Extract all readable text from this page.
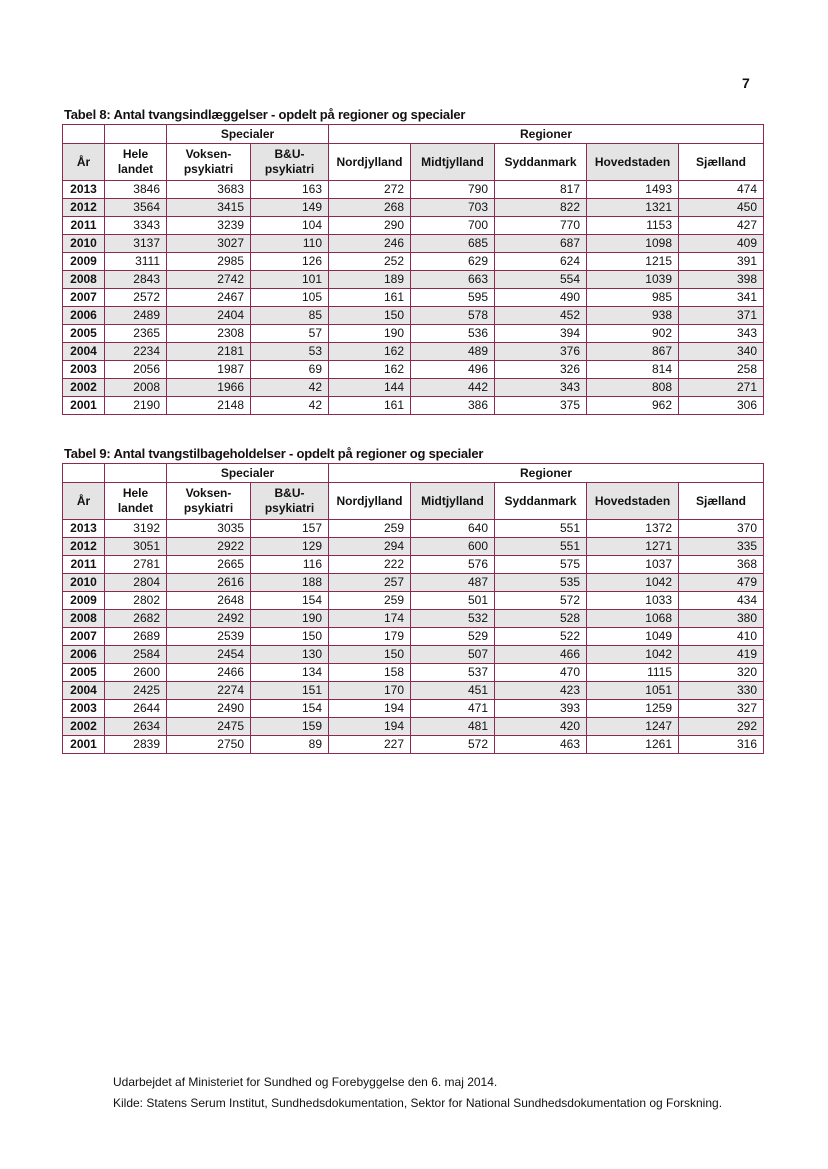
7
Tabel 8: Antal tvangsindlæggelser - opdelt på regioner og specialer
		Specialer		Regioner				
År	Hele landet	Voksen-psykiatri	B&U-psykiatri	Nordjylland	Midtjylland	Syddanmark	Hovedstaden	Sjælland
2013	3846	3683	163	272	790	817	1493	474
2012	3564	3415	149	268	703	822	1321	450
2011	3343	3239	104	290	700	770	1153	427
2010	3137	3027	110	246	685	687	1098	409
2009	3111	2985	126	252	629	624	1215	391
2008	2843	2742	101	189	663	554	1039	398
2007	2572	2467	105	161	595	490	985	341
2006	2489	2404	85	150	578	452	938	371
2005	2365	2308	57	190	536	394	902	343
2004	2234	2181	53	162	489	376	867	340
2003	2056	1987	69	162	496	326	814	258
2002	2008	1966	42	144	442	343	808	271
2001	2190	2148	42	161	386	375	962	306
Tabel 9: Antal tvangstilbageholdelser - opdelt på regioner og specialer
		Specialer		Regioner				
År	Hele landet	Voksen-psykiatri	B&U-psykiatri	Nordjylland	Midtjylland	Syddanmark	Hovedstaden	Sjælland
2013	3192	3035	157	259	640	551	1372	370
2012	3051	2922	129	294	600	551	1271	335
2011	2781	2665	116	222	576	575	1037	368
2010	2804	2616	188	257	487	535	1042	479
2009	2802	2648	154	259	501	572	1033	434
2008	2682	2492	190	174	532	528	1068	380
2007	2689	2539	150	179	529	522	1049	410
2006	2584	2454	130	150	507	466	1042	419
2005	2600	2466	134	158	537	470	1115	320
2004	2425	2274	151	170	451	423	1051	330
2003	2644	2490	154	194	471	393	1259	327
2002	2634	2475	159	194	481	420	1247	292
2001	2839	2750	89	227	572	463	1261	316
Udarbejdet af Ministeriet for Sundhed og Forebyggelse den 6. maj 2014.
Kilde: Statens Serum Institut, Sundhedsdokumentation, Sektor for National Sundhedsdokumentation og Forskning.
